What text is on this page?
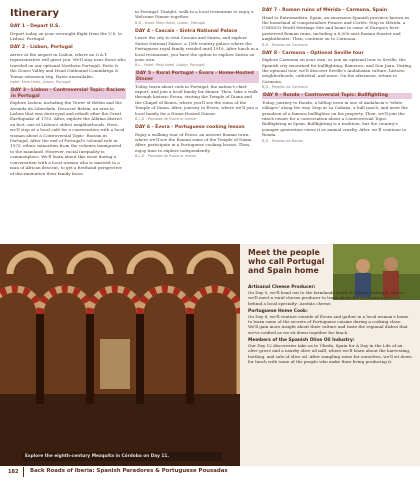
Itinerary
DAY 1 - Depart U.S.
Depart today on your overnight flight from the U.S. to Lisbon, Portugal.
DAY 2 - Lisbon, Portugal
Arrive at the airport in Lisbon, where an O.A.T. representative will greet you. We'll stay near those who traveled on our optional Northern Portugal: Porto & the Douro Valley and Head Outbound Conimbriga & Tomar extension trip, Rates unavailable.
Hotel: Meio Hotel, Lisbon, Portugal
DAY 3 - Lisbon - Controversial Topic: Racism in Portugal
Explore Lisbon, including the Tower of Belém and the Avenida da Liberdade, Discover Belém, an area in Lisbon that was destroyed and rebuilt after the Great Earthquake of 1755. After, explore the Alfama district on foot, one of Lisbon's oldest neighborhoods. Here, we'll stop at a local café for a conversation with a local woman about a Controversial Topic: Racism in Portugal. After the end of Portugal's colonial rule in 1975, ethnic minorities from the colonies immigrated to the mainland. However, racial inequality is commonplace. We'll learn about this issue during a conversation with a local woman who is married to a man of African descent, to get a firsthand perspective of discrimination their family faces.
in Portugal. Tonight, walk to a local restaurant to enjoy a Welcome Dinner together.
B,D - Hotel: Meio Hotel, Lisbon, Portugal
DAY 4 - Cascais - Sintra National Palace
Leave the city to visit Cascais and Sintra, and explore Sintra National Palace, a 15th-century palace where the Portuguese royal family resided until 1910. After lunch in a local restaurant, you have the option to explore Sintra on your own.
B,L - Hotel: Meio Hotel, Lisbon, Portugal
DAY 5 - Rural Portugal - Évora - Home-Hosted Dinner
Today, learn about cork in Portugal, the nation's chief export, and join a local family for dinner. Then, take a walk through historic Évora, visiting the Temple of Diana and the Chapel of Bones, where you'll see the ruins of the Temple of Diana. After, journey to Évora, where we'll join a local family for a Home-Hosted Dinner.
B,L,D - Pousada de Évora or similar
DAY 6 - Évora - Portuguese cooking lesson
Enjoy a walking tour of Évora, an ancient Roman town, where we'll see the Roman ruins of the Temple of Diana. After, participate in a Portuguese cooking lesson. Then, enjoy time to explore independently.
B,L,D - Pousada de Évora or similar
DAY 7 - Roman ruins of Mérida - Carmona, Spain
Head to Extremadura, Spain, an enormous Spanish province known as the homeland of conquistadors Pizarro and Cortés. Stop in Mérida, a UNESCO World Heritage Site and home to some of Europe's best-preserved Roman ruins, including a 6,000-seat Roman theater and amphitheater. Then, continue on to Carmona.
B,D - Parador de Carmona
DAY 8 - Carmona - Optional Seville tour
Explore Carmona on your own, or join an optional tour to Seville, the Spanish city renowned for bullfighting, flamenco, and Don Juan. During the optional tour, we'll discover Seville's Andalusian culture, historic neighborhoods, cathedral, and more. On the afternoon, return to Carmona.
B,D - Parador de Carmona
DAY 9 - Ronda - Controversial Topic: Bullfighting
Today, journey to Ronda, a hilltop town in one of Andalucía's "white villages" along the way. Stop at La Cabaña, a bull ranch, and meet the grandson of a famous bullfighter on his property. Then, we'll join the ranch owner for a conversation about a Controversial Topic: Bullfighting in Spain. Bullfighting is a tradition, but the country's younger generation views it as animal cruelty. After, we'll continue to Ronda.
B,D - Parador de Ronda
Explore the eighth-century Mezquita in Córdoba on Day 11.
Meet the people who call Portugal and Spain home
Artisanal Cheese Producer:
On Day 5, we'll head out to the farmlands south of Lisbon, Portugal, where we'll meet a rural cheese producer to learn about the production process behind a local specialty: Azeitão cheese.
Portuguese Home Cook:
On Day 6, we'll venture outside of Évora and gather in a local woman's home to learn some of the secrets of Portuguese cuisine during a cooking class. We'll gain more insight about their culture and taste the regional dishes that we've crafted as we sit down together for lunch.
Members of the Spanish Olive Oil Industry:
Our Day 12 discoveries take us to Úbeda, Spain for A Day in the Life of an olive grove and a nearby olive oil mill, where we'll learn about the harvesting, bottling, and sale of olive oil. After sampling some for ourselves, we'll sit down for lunch with some of the people who make their living producing it.
182 Back Roads of Iberia: Spanish Paradores & Portuguese Pousadas
